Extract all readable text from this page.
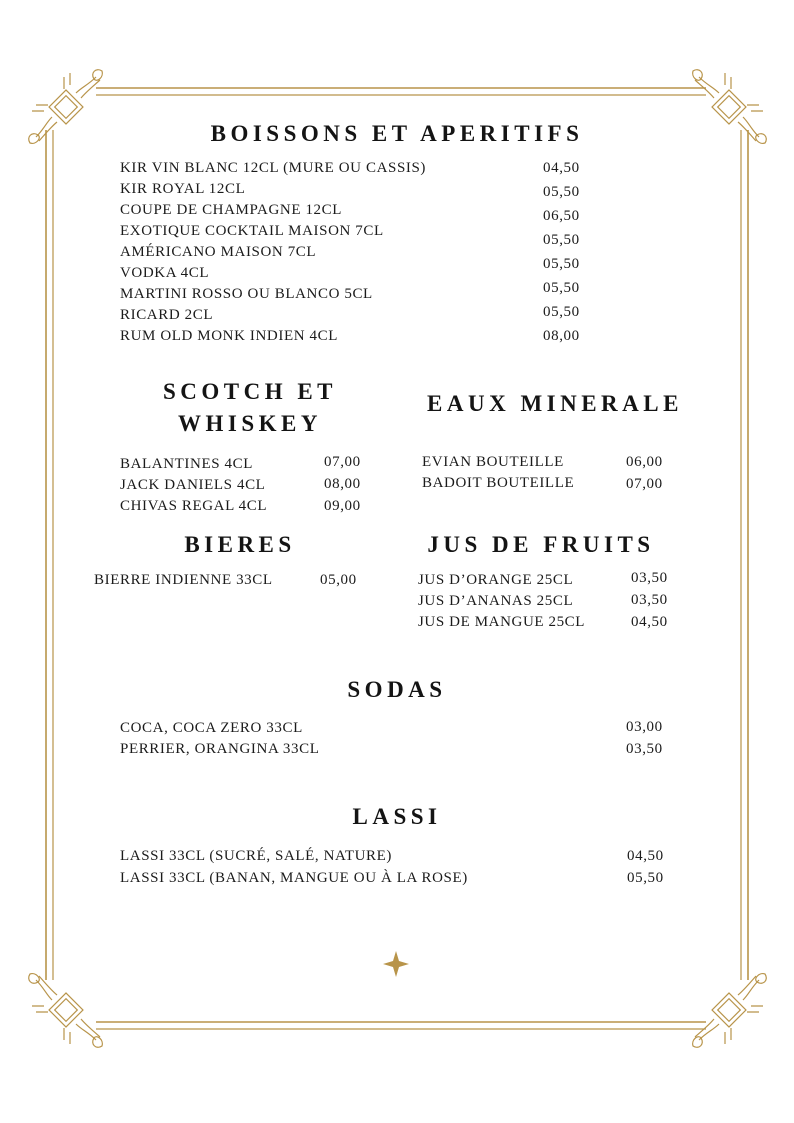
BOISSONS ET APERITIFS
KIR VIN BLANC 12CL (MURE OU CASSIS)
KIR ROYAL 12CL
COUPE DE CHAMPAGNE 12CL
EXOTIQUE COCKTAIL MAISON 7CL
AMÉRICANO MAISON 7CL
VODKA 4CL
MARTINI ROSSO OU BLANCO 5CL
RICARD 2CL
RUM OLD MONK INDIEN 4CL
04,50
05,50
06,50
05,50
05,50
05,50
05,50
08,00
SCOTCH ET
WHISKEY
BALANTINES 4CL
JACK DANIELS 4CL
CHIVAS REGAL 4CL
07,00
08,00
09,00
EAUX MINERALE
EVIAN BOUTEILLE
BADOIT BOUTEILLE
06,00
07,00
BIERES
BIERRE INDIENNE 33CL	05,00
JUS DE FRUITS
JUS D’ORANGE 25CL
JUS D’ANANAS 25CL
JUS DE MANGUE 25CL
03,50
03,50
04,50
SODAS
COCA, COCA ZERO 33CL
PERRIER, ORANGINA 33CL
03,00
03,50
LASSI
LASSI 33CL (SUCRÉ, SALÉ, NATURE)
LASSI 33CL (BANAN, MANGUE OU À LA ROSE)
04,50
05,50
